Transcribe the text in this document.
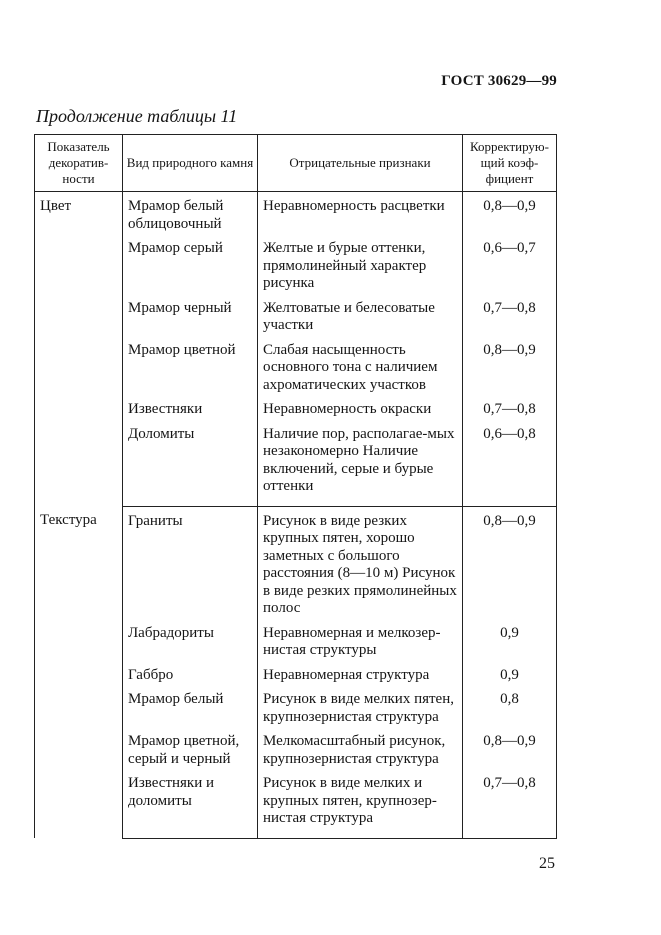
ГОСТ 30629—99
Продолжение таблицы 11
Показатель декоратив-ности	Вид природного камня	Отрицательные признаки	Корректирую-щий коэф-фициент
Цвет	Мрамор белый облицовочный	Неравномерность расцветки	0,8—0,9
	Мрамор серый	Желтые и бурые оттенки, прямолинейный характер рисунка	0,6—0,7
	Мрамор черный	Желтоватые и белесоватые участки	0,7—0,8
	Мрамор цветной	Слабая насыщенность основного тона с наличием ахроматических участков	0,8—0,9
	Известняки	Неравномерность окраски	0,7—0,8
	Доломиты	Наличие пор, располагае-мых незакономерно Наличие включений, серые и бурые оттенки	0,6—0,8
Текстура	Граниты	Рисунок в виде резких крупных пятен, хорошо заметных с большого расстояния (8—10 м) Рисунок в виде резких прямолинейных полос	0,8—0,9
	Лабрадориты	Неравномерная и мелкозер-нистая структуры	0,9
	Габбро	Неравномерная структура	0,9
	Мрамор белый	Рисунок в виде мелких пятен, крупнозернистая структура	0,8
	Мрамор цветной, серый и черный	Мелкомасштабный рисунок, крупнозернистая структура	0,8—0,9
	Известняки и доломиты	Рисунок в виде мелких и крупных пятен, крупнозер-нистая структура	0,7—0,8
25
